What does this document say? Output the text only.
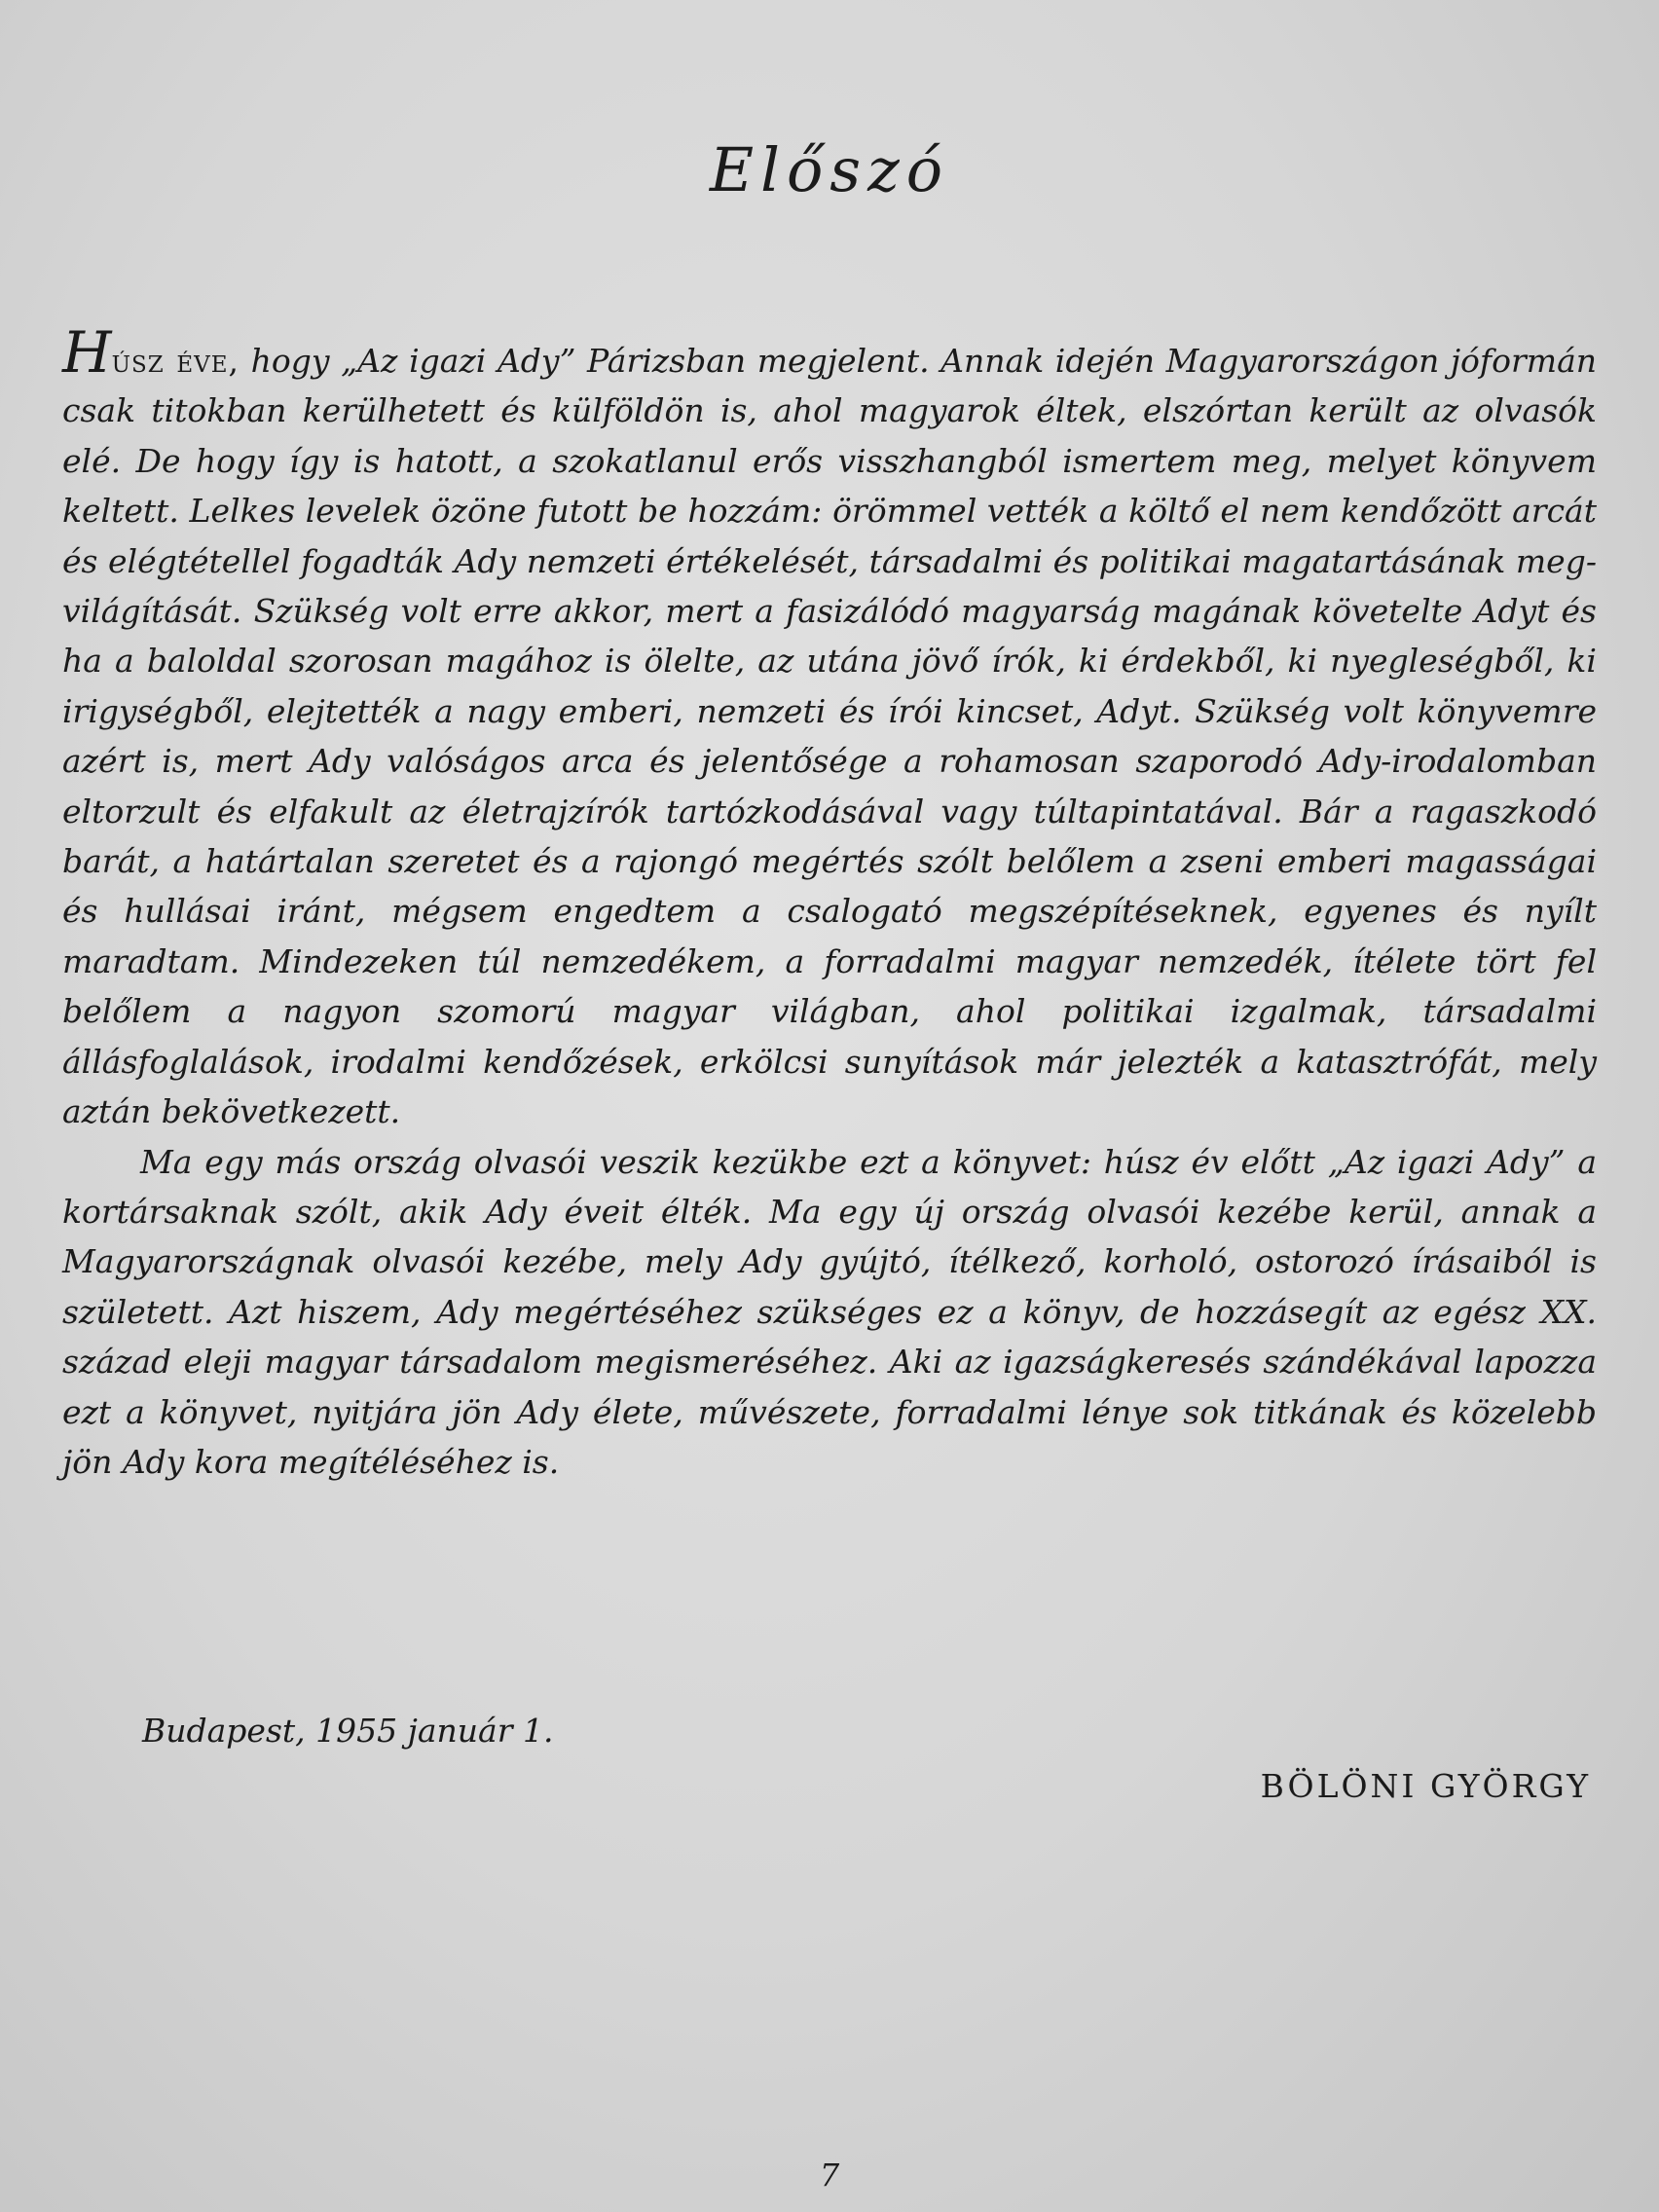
Előszó

Húsz éve, hogy „Az igazi Ady” Párizsban megjelent. Annak idején Magyarországon jóformán csak titokban kerülhetett és külföldön is, ahol magyarok éltek, elszórtan került az olvasók elé. De hogy így is hatott, a szokatlanul erős visszhangból ismertem meg, melyet könyvem keltett. Lelkes levelek özöne futott be hozzám: örömmel vették a költő el nem kendőzött arcát és elégtétellel fogadták Ady nemzeti értékelését, társadalmi és politikai magatartásának megvilágítását. Szükség volt erre akkor, mert a fasizálódó magyarság magának követelte Adyt és ha a baloldal szorosan magához is ölelte, az utána jövő írók, ki érdekből, ki nyegleségből, ki irigységből, elejtették a nagy emberi, nemzeti és írói kincset, Adyt. Szükség volt könyvemre azért is, mert Ady valóságos arca és jelentősége a rohamosan szaporodó Ady-irodalomban eltorzult és elfakult az életrajzírók tartózkodásával vagy túltapintatával. Bár a ragaszkodó barát, a határtalan szeretet és a rajongó megértés szólt belőlem a zseni emberi magasságai és hullásai iránt, mégsem engedtem a csalogató megszépítéseknek, egyenes és nyílt maradtam. Mindezeken túl nemzedékem, a forradalmi magyar nemzedék, ítélete tört fel belőlem a nagyon szomorú magyar világban, ahol politikai izgalmak, társadalmi állásfoglalások, irodalmi kendőzések, erkölcsi sunyítások már jelezték a katasztrófát, mely aztán bekövetkezett.

Ma egy más ország olvasói veszik kezükbe ezt a könyvet: húsz év előtt „Az igazi Ady” a kortársaknak szólt, akik Ady éveit élték. Ma egy új ország olvasói kezébe kerül, annak a Magyarországnak olvasói kezébe, mely Ady gyújtó, ítélkező, korholó, ostorozó írásaiból is született. Azt hiszem, Ady megértéséhez szükséges ez a könyv, de hozzásegít az egész XX. század eleji magyar társadalom megismeréséhez. Aki az igazságkeresés szándékával lapozza ezt a könyvet, nyitjára jön Ady élete, művészete, forradalmi lénye sok titkának és közelebb jön Ady kora megítéléséhez is.

Budapest, 1955 január 1.

BÖLÖNI GYÖRGY

7
